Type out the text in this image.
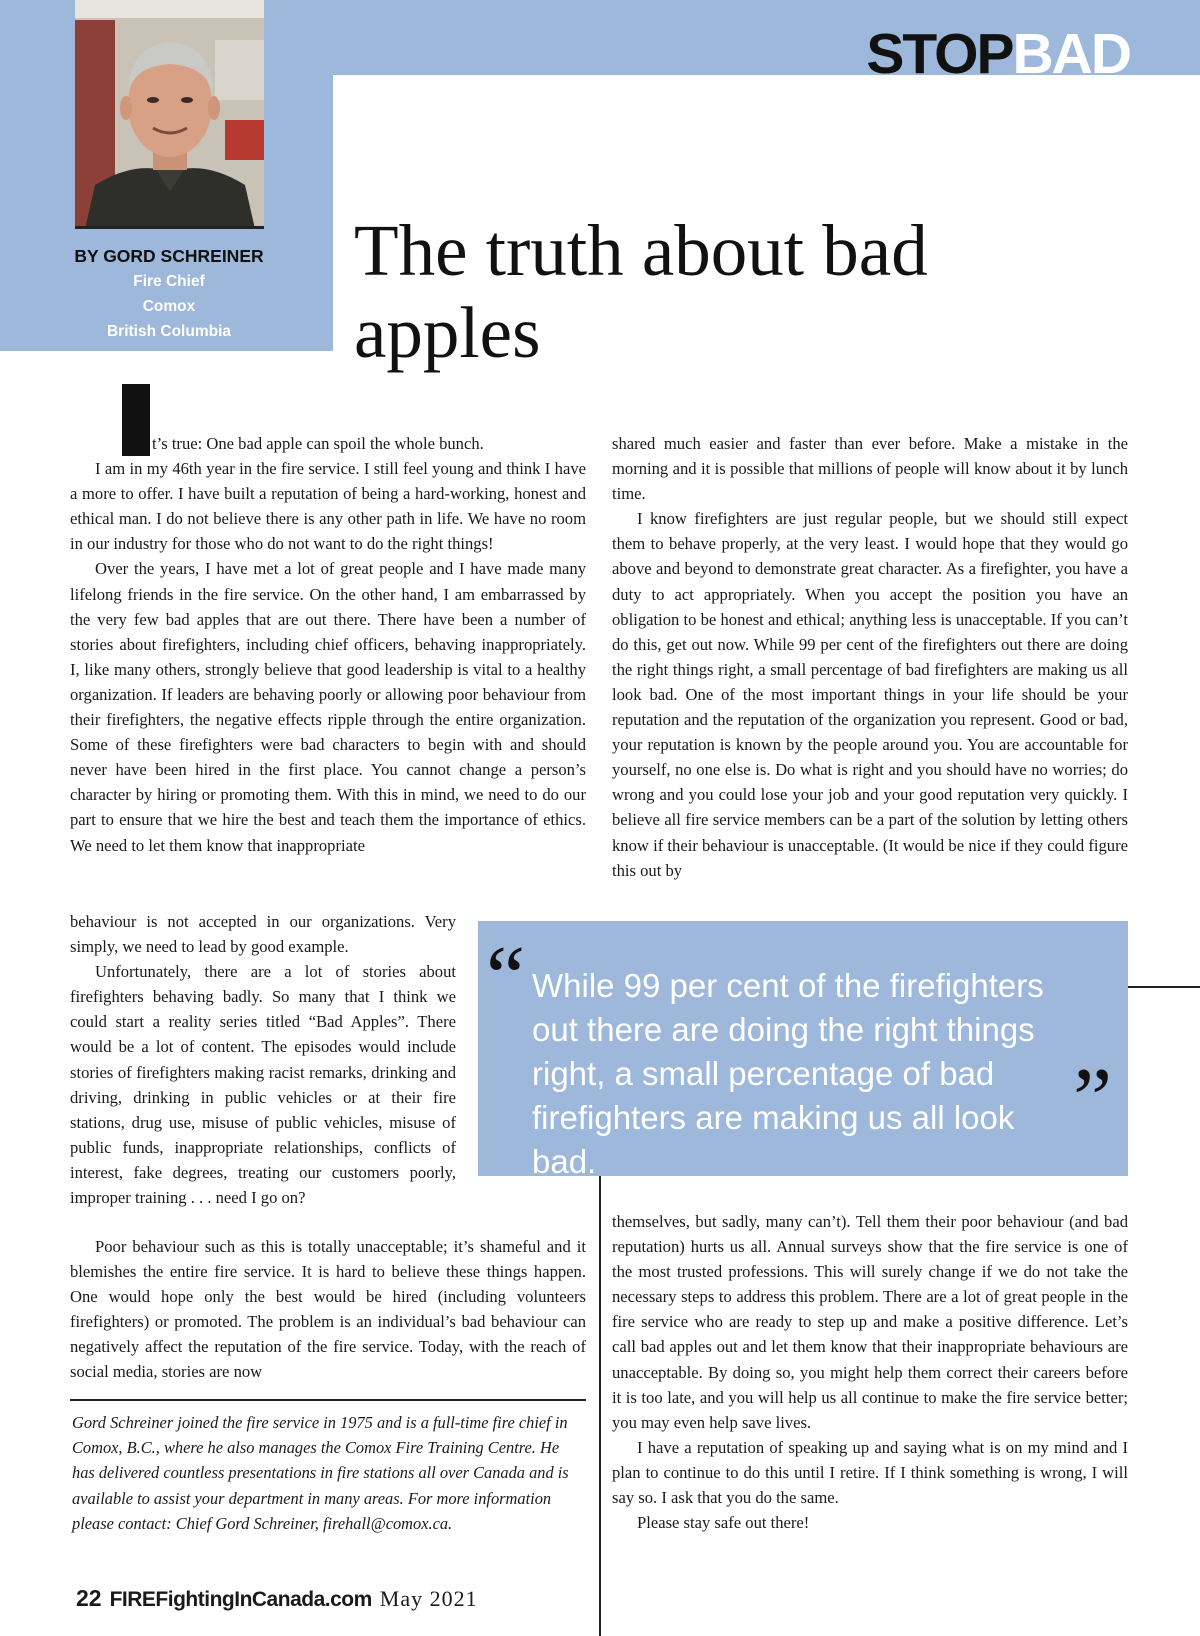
STOPBAD
BY GORD SCHREINER
Fire Chief
Comox
British Columbia
The truth about bad apples

t’s true: One bad apple can spoil the whole bunch.

I am in my 46th year in the fire service. I still feel young and think I have a more to offer. I have built a reputation of being a hard-working, honest and ethical man. I do not believe there is any other path in life. We have no room in our industry for those who do not want to do the right things!

Over the years, I have met a lot of great people and I have made many lifelong friends in the fire service. On the other hand, I am embarrassed by the very few bad apples that are out there. There have been a number of stories about firefighters, including chief officers, behaving inappropriately. I, like many others, strongly believe that good leadership is vital to a healthy organization. If leaders are behaving poorly or allowing poor behaviour from their firefighters, the negative effects ripple through the entire organization. Some of these firefighters were bad characters to begin with and should never have been hired in the first place. You cannot change a person’s character by hiring or promoting them. With this in mind, we need to do our part to ensure that we hire the best and teach them the importance of ethics. We need to let them know that inappropriate

behaviour is not accepted in our organizations. Very simply, we need to lead by good example.

Unfortunately, there are a lot of stories about firefighters behaving badly. So many that I think we could start a reality series titled “Bad Apples”. There would be a lot of content. The episodes would include stories of firefighters making racist remarks, drinking and driving, drinking in public vehicles or at their fire stations, drug use, misuse of public vehicles, misuse of public funds, inappropriate relationships, conflicts of interest, fake degrees, treating our customers poorly, improper training . . . need I go on?

Poor behaviour such as this is totally unacceptable; it’s shameful and it blemishes the entire fire service. It is hard to believe these things happen. One would hope only the best would be hired (including volunteers firefighters) or promoted. The problem is an individual’s bad behaviour can negatively affect the reputation of the fire service. Today, with the reach of social media, stories are now

shared much easier and faster than ever before. Make a mistake in the morning and it is possible that millions of people will know about it by lunch time.

I know firefighters are just regular people, but we should still expect them to behave properly, at the very least. I would hope that they would go above and beyond to demonstrate great character. As a firefighter, you have a duty to act appropriately. When you accept the position you have an obligation to be honest and ethical; anything less is unacceptable. If you can’t do this, get out now. While 99 per cent of the firefighters out there are doing the right things right, a small percentage of bad firefighters are making us all look bad. One of the most important things in your life should be your reputation and the reputation of the organization you represent. Good or bad, your reputation is known by the people around you. You are accountable for yourself, no one else is. Do what is right and you should have no worries; do wrong and you could lose your job and your good reputation very quickly. I believe all fire service members can be a part of the solution by letting others know if their behaviour is unacceptable. (It would be nice if they could figure this out by

“ While 99 per cent of the firefighters out there are doing the right things right, a small percentage of bad firefighters are making us all look bad.
”

themselves, but sadly, many can’t). Tell them their poor behaviour (and bad reputation) hurts us all. Annual surveys show that the fire service is one of the most trusted professions. This will surely change if we do not take the necessary steps to address this problem. There are a lot of great people in the fire service who are ready to step up and make a positive difference. Let’s call bad apples out and let them know that their inappropriate behaviours are unacceptable. By doing so, you might help them correct their careers before it is too late, and you will help us all continue to make the fire service better; you may even help save lives.

I have a reputation of speaking up and saying what is on my mind and I plan to continue to do this until I retire. If I think something is wrong, I will say so. I ask that you do the same.

Please stay safe out there!

Gord Schreiner joined the fire service in 1975 and is a full-time fire chief in Comox, B.C., where he also manages the Comox Fire Training Centre. He has delivered countless presentations in fire stations all over Canada and is available to assist your department in many areas. For more information please contact: Chief Gord Schreiner, firehall@comox.ca.
22 FIREFightingInCanada.com May 2021
